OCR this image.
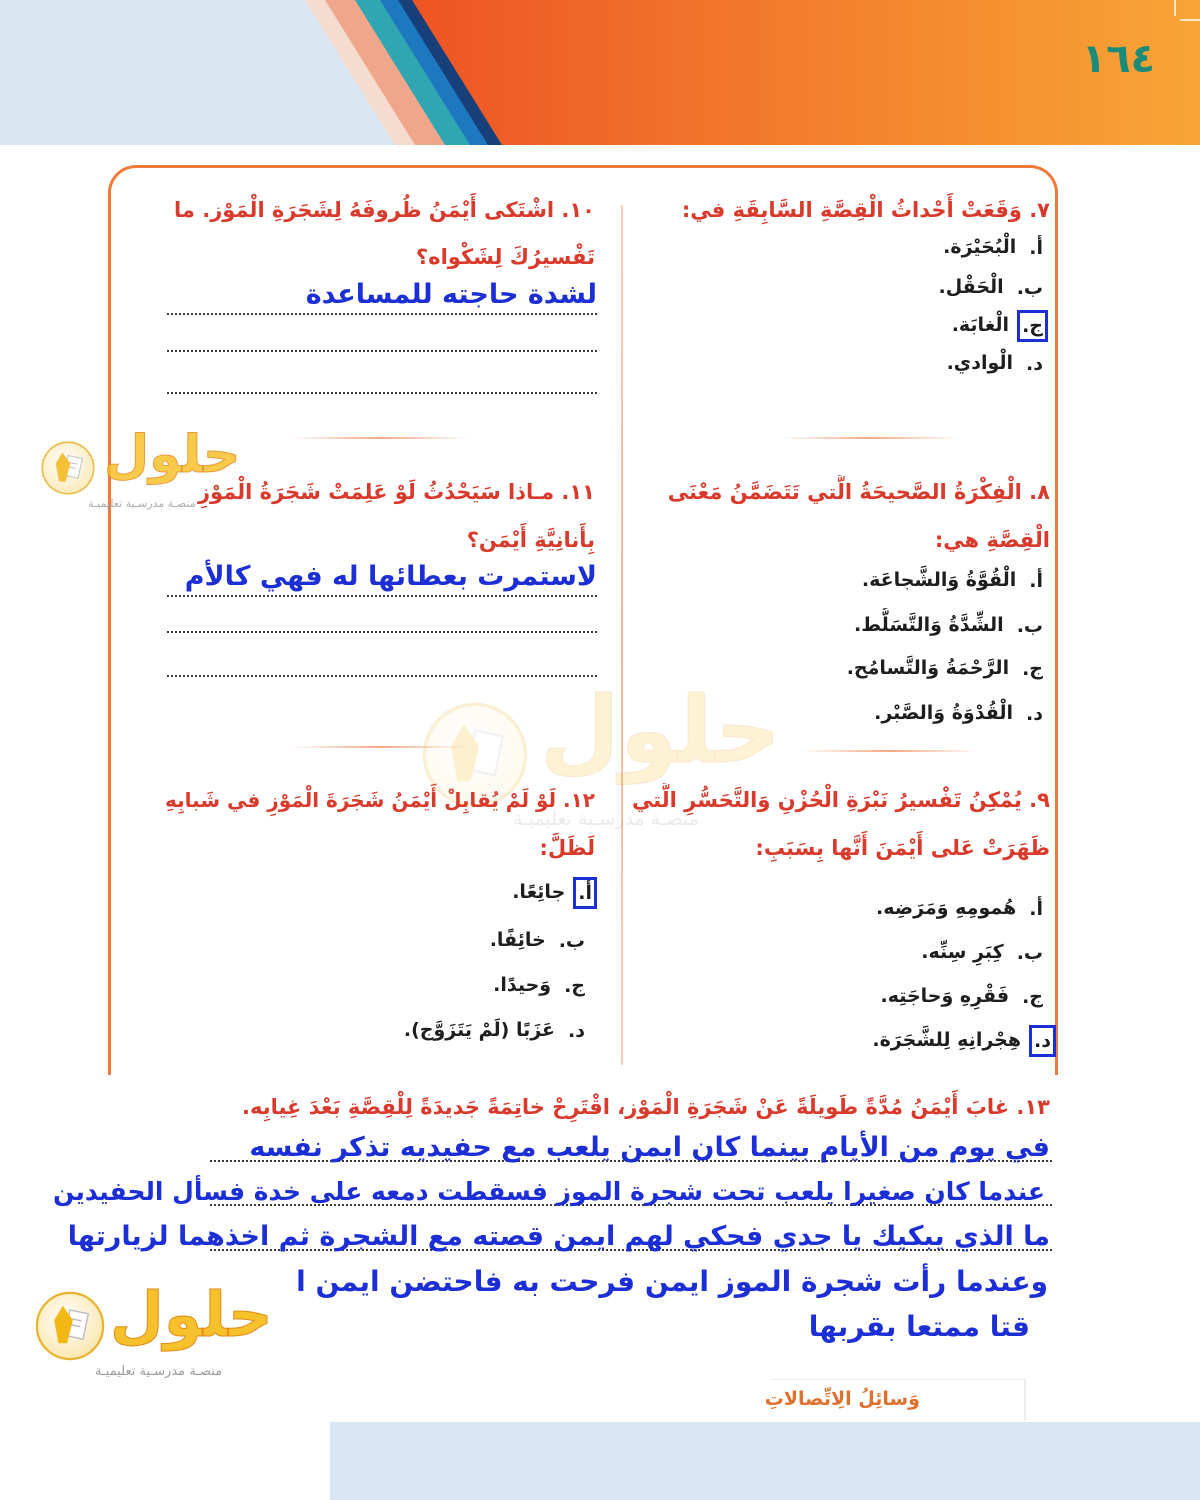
١٦٤
حلول
منصـة مدرسـية تعليميـة
حلول
منصـة مدرسـية تعليميـة
حلول
منصـة مدرسـية تعليميـة
٧. وَقَعَتْ أَحْداثُ الْقِصَّةِ السَّابِقَةِ في:
أ.الْبُحَيْرَة.
ب.الْحَقْل.
ج.الْغابَة.
د.الْوادي.
٨. الْفِكْرَةُ الصَّحيحَةُ الَّتي تَتَضَمَّنُ مَعْنَى
الْقِصَّةِ هي:
أ.الْقُوَّةُ وَالشَّجاعَة.
ب.الشِّدَّةُ وَالتَّسَلُّط.
ج.الرَّحْمَةُ وَالتَّسامُح.
د.الْقُدْوَةُ وَالصَّبْر.
٩. يُمْكِنُ تَفْسيرُ نَبْرَةِ الْحُزْنِ وَالتَّحَسُّرِ الَّتي
ظَهَرَتْ عَلى أَيْمَنَ أَنَّها بِسَبَبِ:
أ.هُمومِهِ وَمَرَضِه.
ب.كِبَرِ سِنِّه.
ج.فَقْرِهِ وَحاجَتِه.
د.هِجْرانِهِ لِلشَّجَرَة.
١٠. اشْتَكى أَيْمَنُ ظُروفَهُ لِشَجَرَةِ الْمَوْز. ما
تَفْسيرُكَ لِشَكْواه؟
لشدة حاجته للمساعدة
١١. مـاذا سَيَحْدُثُ لَوْ عَلِمَتْ شَجَرَةُ الْمَوْزِ
بِأَنانِيَّةِ أَيْمَن؟
لاستمرت بعطائها له فهي كالأم
١٢. لَوْ لَمْ يُقابِلْ أَيْمَنُ شَجَرَةَ الْمَوْزِ في شَبابِهِ
لَظَلَّ:
أ.جائِعًا.
ب.خائِفًا.
ج.وَحيدًا.
د.عَزَبًا (لَمْ يَتَزَوَّج).
١٣. غابَ أَيْمَنُ مُدَّةً طَويلَةً عَنْ شَجَرَةِ الْمَوْز، اقْتَرِحْ خاتِمَةً جَديدَةً لِلْقِصَّةِ بَعْدَ غِيابِه.
في يوم من الأيام بينما كان ايمن يلعب مع حفيديه تذكر نفسه
عندما كان صغيرا يلعب تحت شجرة الموز فسقطت دمعه على خدة فسأل الحفيدين
ما الذي يبكيك يا جدي فحكي لهم ايمن قصته مع الشجرة ثم اخذهما لزيارتها
وعندما رأت شجرة الموز ايمن فرحت به فاحتضن ايمن ا
قتا ممتعا بقربها
وَسائِلُ الِاتِّصالاتِ
